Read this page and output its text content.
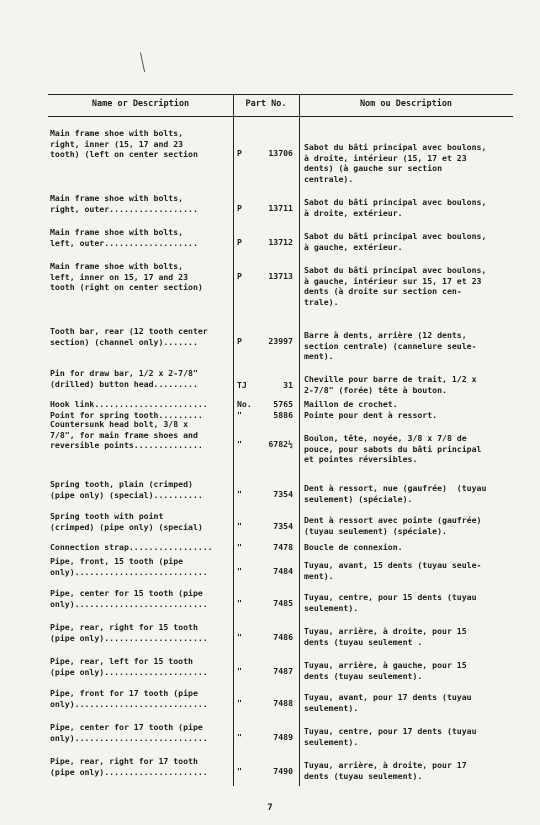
Name or Description	Part No.	Nom ou Description
Main frame shoe with bolts,
right, inner (15, 17 and 23
tooth) (left on center section	P	13706
Sabot du bâti principal avec boulons,
à droite, intérieur (15, 17 et 23
dents) (à gauche sur section
centrale).
Main frame shoe with bolts,
right, outer..................	P	13711
Sabot du bâti principal avec boulons,
à droite, extérieur.
Main frame shoe with bolts,
left, outer...................	P	13712
Sabot du bâti principal avec boulons,
à gauche, extérieur.
Main frame shoe with bolts,
left, inner on 15, 17 and 23
tooth (right on center section)
P	13713
Sabot du bâti principal avec boulons,
à gauche, intérieur sur 15, 17 et 23
dents (à droite sur section cen-
trale).
Tooth bar, rear (12 tooth center
section) (channel only).......	P	23997
Barre à dents, arrière (12 dents,
section centrale) (cannelure seule-
ment).
Pin for draw bar, 1/2 x 2-7/8"
(drilled) button head.........	TJ	31
Cheville pour barre de trait, 1/2 x
2-7/8" (forée) tête à bouton.
Hook link.......................	No.	5765 Maillon de crochet.
Point for spring tooth.........	"	5886 Pointe pour dent à ressort.
Countersunk head bolt, 3/8 x
7/8", for main frame shoes and
reversible points..............	"	6782½
Boulon, tête, noyée, 3/8 x 7/8 de
pouce, pour sabots du bâti principal
et pointes réversibles.
Spring tooth, plain (crimped)
(pipe only) (special)..........	"	7354
Dent à ressort, nue (gaufrée)  (tuyau
seulement) (spéciale).
Spring tooth with point
(crimped) (pipe only) (special)	"	7354
Dent à ressort avec pointe (gaufrée)
(tuyau seulement) (spéciale).
Connection strap.................	"	7478 Boucle de connexion.
Pipe, front, 15 tooth (pipe
only)...........................	"	7484
Tuyau, avant, 15 dents (tuyau seule-
ment).
Pipe, center for 15 tooth (pipe
only)...........................	"	7485
Tuyau, centre, pour 15 dents (tuyau
seulement).
Pipe, rear, right for 15 tooth
(pipe only).....................	"	7486
Tuyau, arrière, à droite, pour 15
dents (tuyau seulement .
Pipe, rear, left for 15 tooth
(pipe only).....................	"	7487
Tuyau, arrière, à gauche, pour 15
dents (tuyau seulement).
Pipe, front for 17 tooth (pipe
only)...........................	"	7488
Tuyau, avant, pour 17 dents (tuyau
seulement).
Pipe, center for 17 tooth (pipe
only)...........................	"	7489
Tuyau, centre, pour 17 dents (tuyau
seulement).
Pipe, rear, right for 17 tooth
(pipe only).....................	"	7490
Tuyau, arrière, à droite, pour 17
dents (tuyau seulement).
7
